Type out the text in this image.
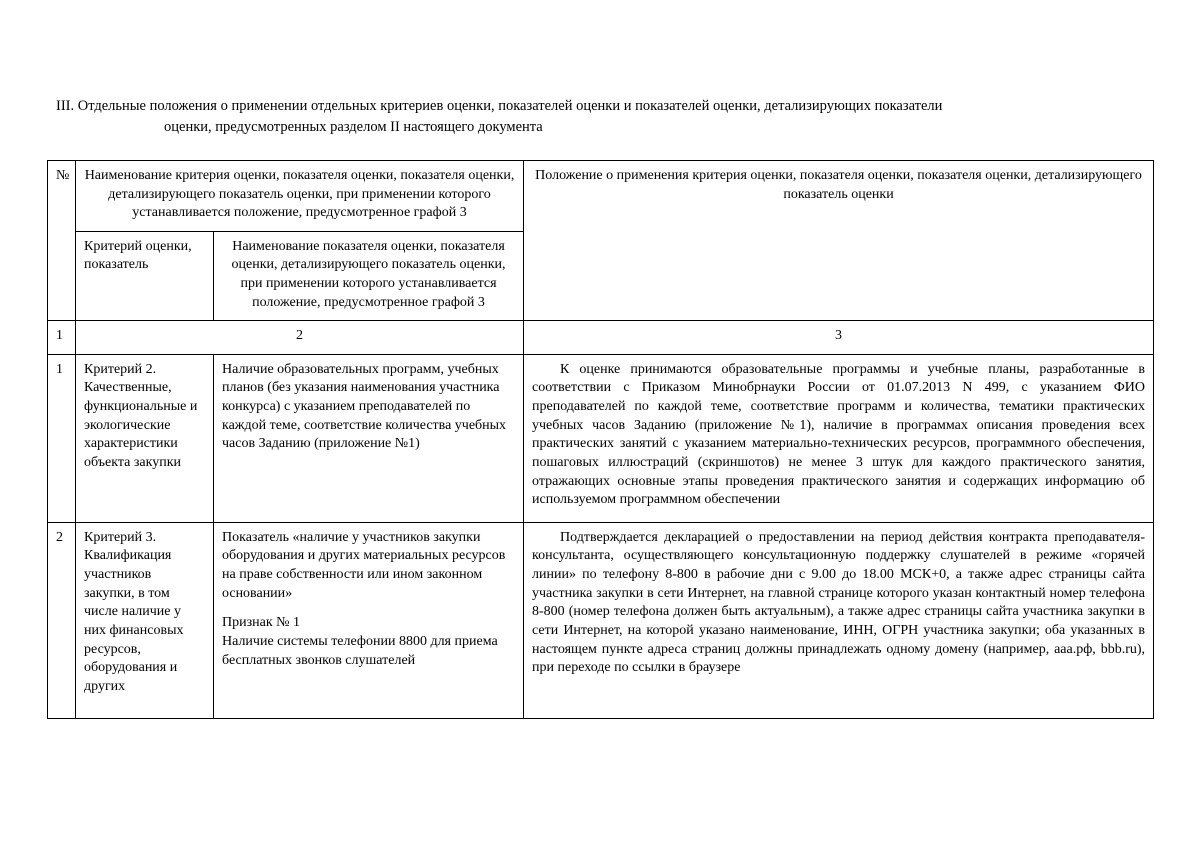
III. Отдельные положения о применении отдельных критериев оценки, показателей оценки и показателей оценки, детализирующих показатели
оценки, предусмотренных разделом II настоящего документа
№	Наименование критерия оценки, показателя оценки, показателя оценки, детализирующего показатель оценки, при применении которого устанавливается положение, предусмотренное графой 3		Положение о применения критерия оценки, показателя оценки, показателя оценки, детализирующего показатель оценки
	Критерий оценки, показатель	Наименование показателя оценки, показателя оценки, детализирующего показатель оценки, при применении которого устанавливается положение, предусмотренное графой 3	
1	2		3
1	Критерий 2. Качественные, функциональные и экологические характеристики объекта закупки	Наличие образовательных программ, учебных планов (без указания наименования участника конкурса) с указанием преподавателей по каждой теме, соответствие количества учебных часов Заданию (приложение №1)	К оценке принимаются образовательные программы и учебные планы, разработанные в соответствии с Приказом Минобрнауки России от 01.07.2013 N 499, с указанием ФИО преподавателей по каждой теме, соответствие программ и количества, тематики практических учебных часов Заданию (приложение №1), наличие в программах описания проведения всех практических занятий с указанием материально-технических ресурсов, программного обеспечения, пошаговых иллюстраций (скриншотов) не менее 3 штук для каждого практического занятия, отражающих основные этапы проведения практического занятия и содержащих информацию об используемом программном обеспечении
2	Критерий 3. Квалификация участников закупки, в том числе наличие у них финансовых ресурсов, оборудования и других	Показатель «наличие у участников закупки оборудования и других материальных ресурсов на праве собственности или ином законном основании»
Признак № 1
Наличие системы телефонии 8800 для приема бесплатных звонков слушателей	Подтверждается декларацией о предоставлении на период действия контракта преподавателя-консультанта, осуществляющего консультационную поддержку слушателей в режиме «горячей линии» по телефону 8-800 в рабочие дни с 9.00 до 18.00 МСК+0, а также адрес страницы сайта участника закупки в сети Интернет, на главной странице которого указан контактный номер телефона 8-800 (номер телефона должен быть актуальным), а также адрес страницы сайта участника закупки в сети Интернет, на которой указано наименование, ИНН, ОГРН участника закупки; оба указанных в настоящем пункте адреса страниц должны принадлежать одному домену (например, aaa.рф, bbb.ru), при переходе по ссылки в браузере
